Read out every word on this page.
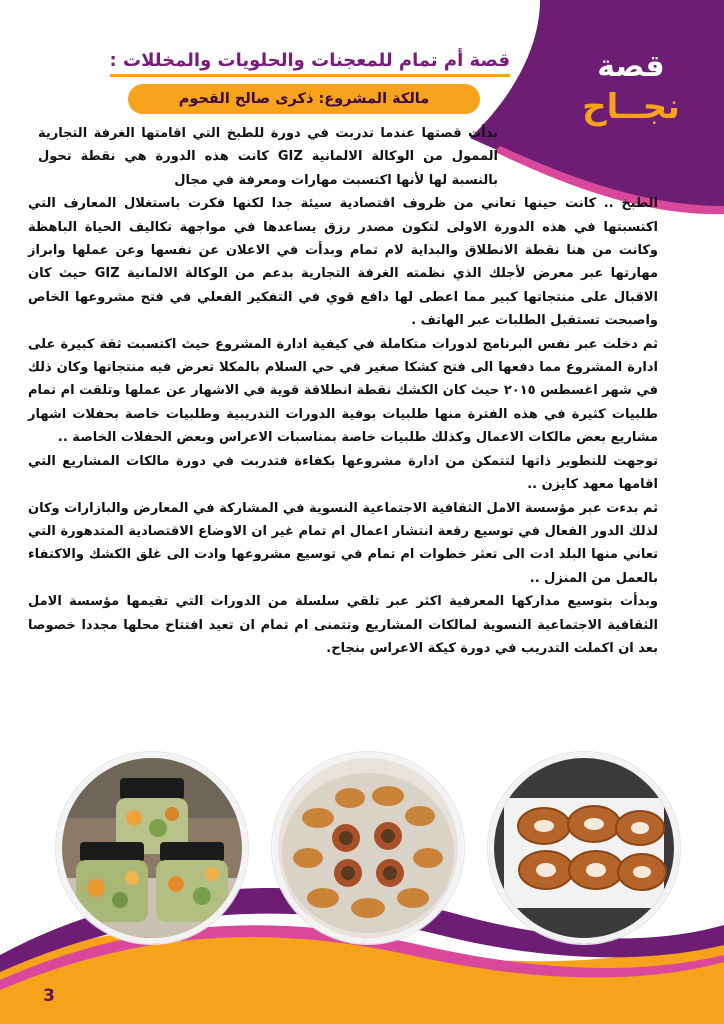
قصة
نجــاح
قصة أم تمام للمعجنات والحلويات والمخللات :
مالكة المشروع: ذكرى صالح القحوم

بدأت قصتها عندما تدربت في دورة للطبخ التي اقامتها الغرفة التجارية الممول من الوكالة الالمانية GIZ كانت هذه الدورة هي نقطة تحول بالنسبة لها لأنها اكتسبت مهارات ومعرفة في مجال

الطبخ .. كانت حينها تعاني من ظروف اقتصادية سيئة جدا لكنها فكرت باستغلال المعارف التي اكتسبتها في هذه الدورة الاولى لتكون مصدر رزق يساعدها في مواجهة تكاليف الحياة الباهظة وكانت من هنا نقطة الانطلاق والبداية لام تمام وبدأت في الاعلان عن نفسها وعن عملها وابراز مهارتها عبر معرض لأجلك الذي نظمته الغرفة التجارية بدعم من الوكالة الالمانية GIZ حيث كان الاقبال على منتجاتها كبير مما اعطى لها دافع قوي في التفكير الفعلي في فتح مشروعها الخاص واصبحت تستقبل الطلبات عبر الهاتف .

ثم دخلت عبر نفس البرنامج لدورات متكاملة في كيفية ادارة المشروع حيث اكتسبت ثقة كبيرة على ادارة المشروع مما دفعها الى فتح كشكا صغير في حي السلام بالمكلا تعرض فيه منتجاتها وكان ذلك في شهر اغسطس ٢٠١٥ حيث كان الكشك نقطة انطلاقة قوية في الاشهار عن عملها وتلقت ام تمام طلبيات كثيرة في هذه الفترة منها طلبيات بوفية الدورات التدريبية وطلبيات خاصة بحفلات اشهار مشاريع بعض مالكات الاعمال وكذلك طلبيات خاصة بمناسبات الاعراس وبعض الحفلات الخاصة ..

توجهت للتطوير ذاتها لتتمكن من ادارة مشروعها بكفاءة فتدربت في دورة مالكات المشاريع التي اقامها معهد كايزن ..

ثم بدءت عبر مؤسسة الامل الثقافية الاجتماعية النسوية في المشاركة في المعارض والبازارات وكان لذلك الدور الفعال في توسيع رقعة انتشار اعمال ام تمام غير ان الاوضاع الاقتصادية المتدهورة التي تعاني منها البلد ادت الى تعثر خطوات ام تمام في توسيع مشروعها وادت الى غلق الكشك والاكتفاء بالعمل من المنزل ..

وبدأت بتوسيع مداركها المعرفية اكثر عبر تلقي سلسلة من الدورات التي تقيمها مؤسسة الامل الثقافية الاجتماعية النسوية لمالكات المشاريع وتتمنى ام تمام ان تعيد افتتاح محلها مجددا خصوصا بعد ان اكملت التدريب في دورة كيكة الاعراس بنجاح.

3
